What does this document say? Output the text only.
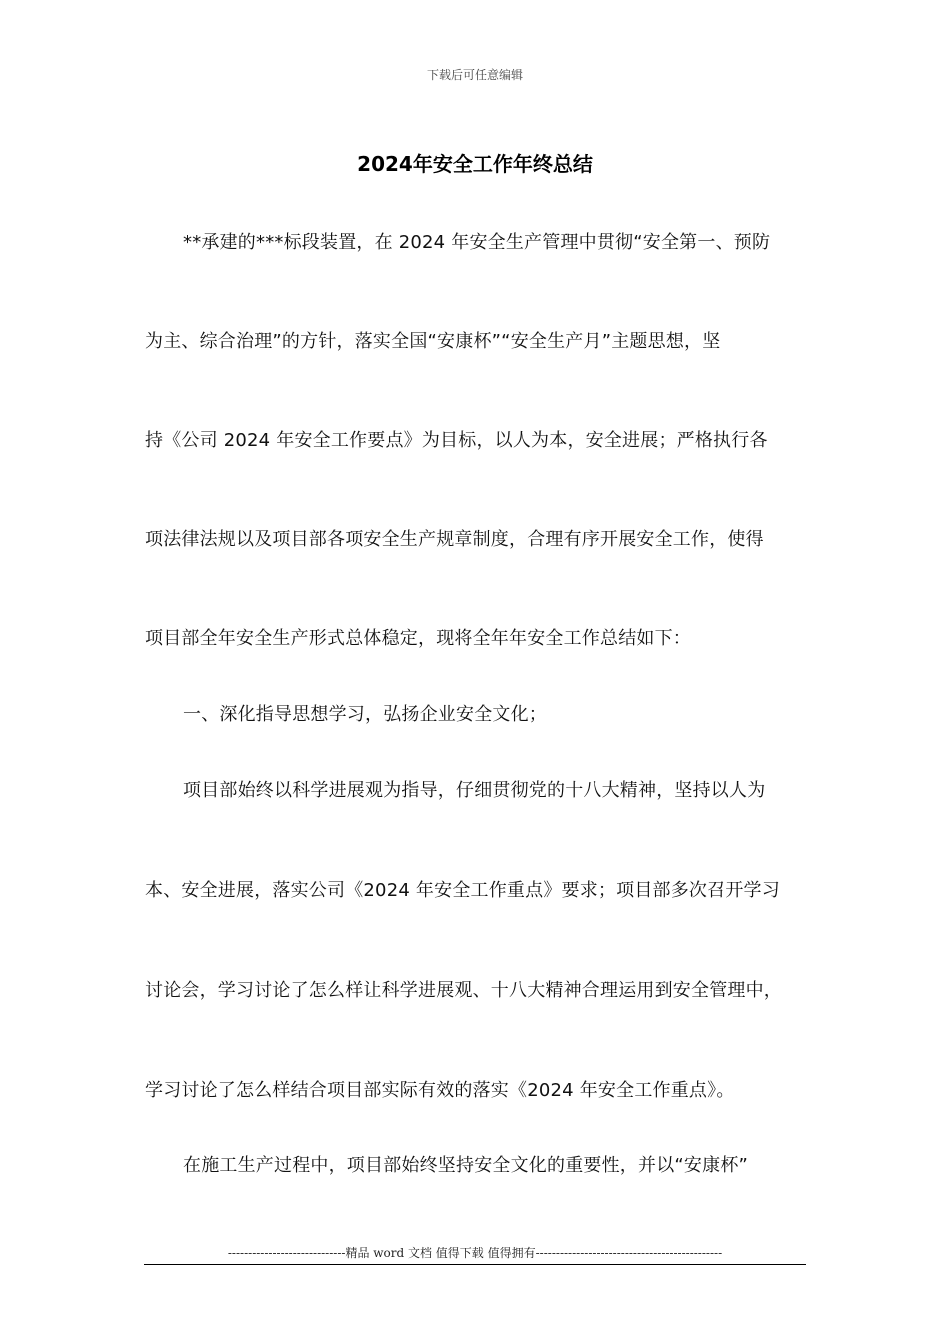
下载后可任意编辑
2024年安全工作年终总结
**承建的***标段装置，在 2024 年安全生产管理中贯彻“安全第一、预防
为主、综合治理”的方针，落实全国“安康杯”“安全生产月”主题思想，坚
持《公司 2024 年安全工作要点》为目标，以人为本，安全进展；严格执行各
项法律法规以及项目部各项安全生产规章制度，合理有序开展安全工作，使得
项目部全年安全生产形式总体稳定，现将全年年安全工作总结如下：
一、深化指导思想学习，弘扬企业安全文化；
项目部始终以科学进展观为指导，仔细贯彻党的十八大精神，坚持以人为
本、安全进展，落实公司《2024 年安全工作重点》要求；项目部多次召开学习
讨论会，学习讨论了怎么样让科学进展观、十八大精神合理运用到安全管理中，
学习讨论了怎么样结合项目部实际有效的落实《2024 年安全工作重点》。
在施工生产过程中，项目部始终坚持安全文化的重要性，并以“安康杯”
-----------------------------精品 word 文档 值得下载 值得拥有----------------------------------------------
